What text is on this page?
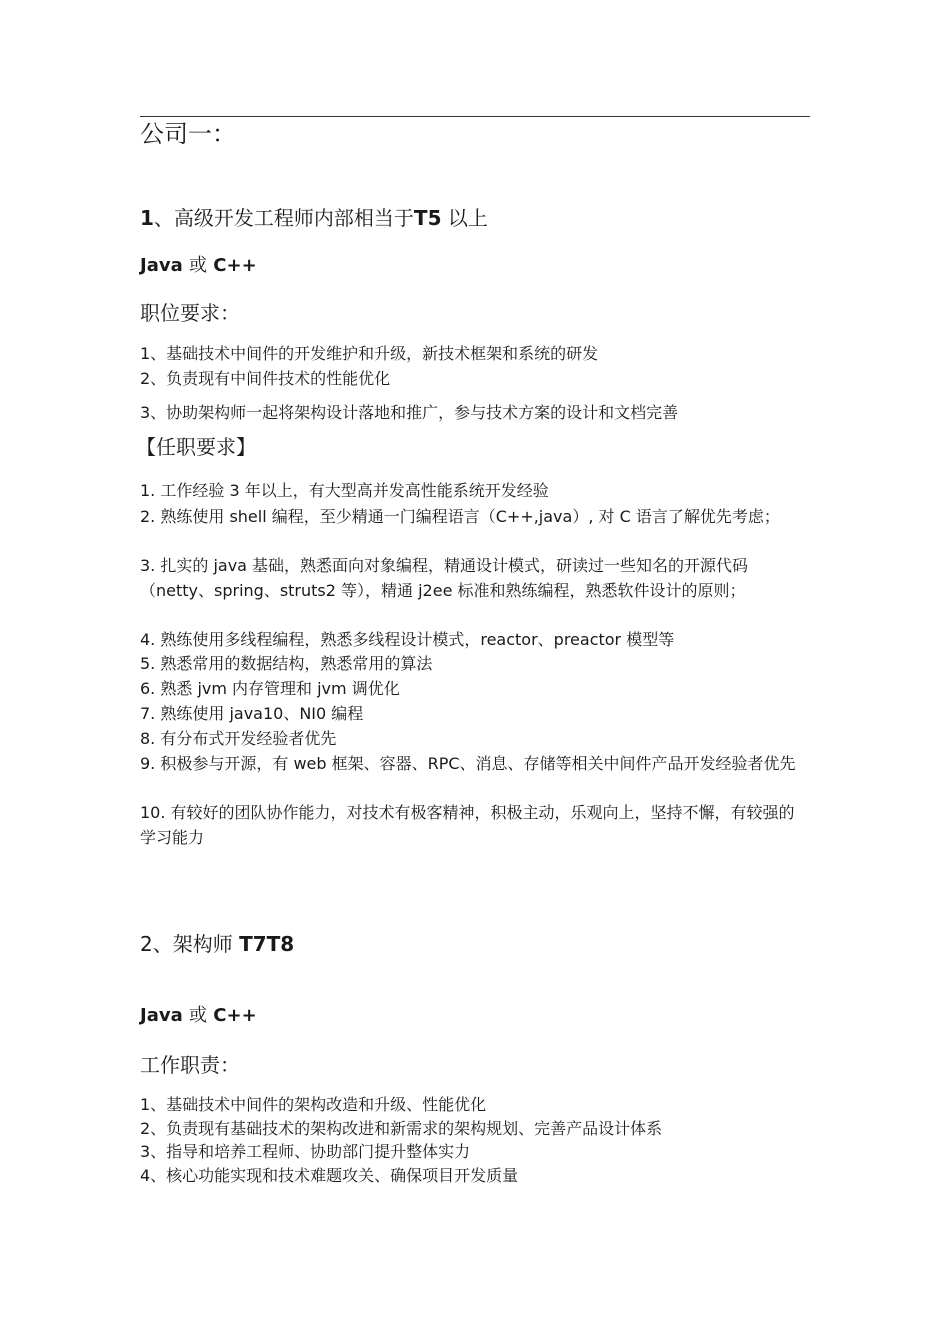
公司一：
1、高级开发工程师内部相当于T5 以上
Java 或 C++
职位要求：
1、基础技术中间件的开发维护和升级，新技术框架和系统的研发
2、负责现有中间件技术的性能优化
3、协助架构师一起将架构设计落地和推广，参与技术方案的设计和文档完善
【任职要求】
1. 工作经验 3 年以上，有大型高并发高性能系统开发经验
2. 熟练使用 shell 编程，至少精通一门编程语言（C++,java）, 对 C 语言了解优先考虑；
3. 扎实的 java 基础，熟悉面向对象编程，精通设计模式，研读过一些知名的开源代码（netty、spring、struts2 等），精通 j2ee 标准和熟练编程，熟悉软件设计的原则；
4. 熟练使用多线程编程，熟悉多线程设计模式，reactor、preactor 模型等
5. 熟悉常用的数据结构，熟悉常用的算法
6. 熟悉 jvm 内存管理和 jvm 调优化
7. 熟练使用 java10、NI0 编程
8. 有分布式开发经验者优先
9. 积极参与开源，有 web 框架、容器、RPC、消息、存储等相关中间件产品开发经验者优先
10. 有较好的团队协作能力，对技术有极客精神，积极主动，乐观向上，坚持不懈，有较强的学习能力
2、架构师 T7T8
Java 或 C++
工作职责：
1、基础技术中间件的架构改造和升级、性能优化
2、负责现有基础技术的架构改进和新需求的架构规划、完善产品设计体系
3、指导和培养工程师、协助部门提升整体实力
4、核心功能实现和技术难题攻关、确保项目开发质量
